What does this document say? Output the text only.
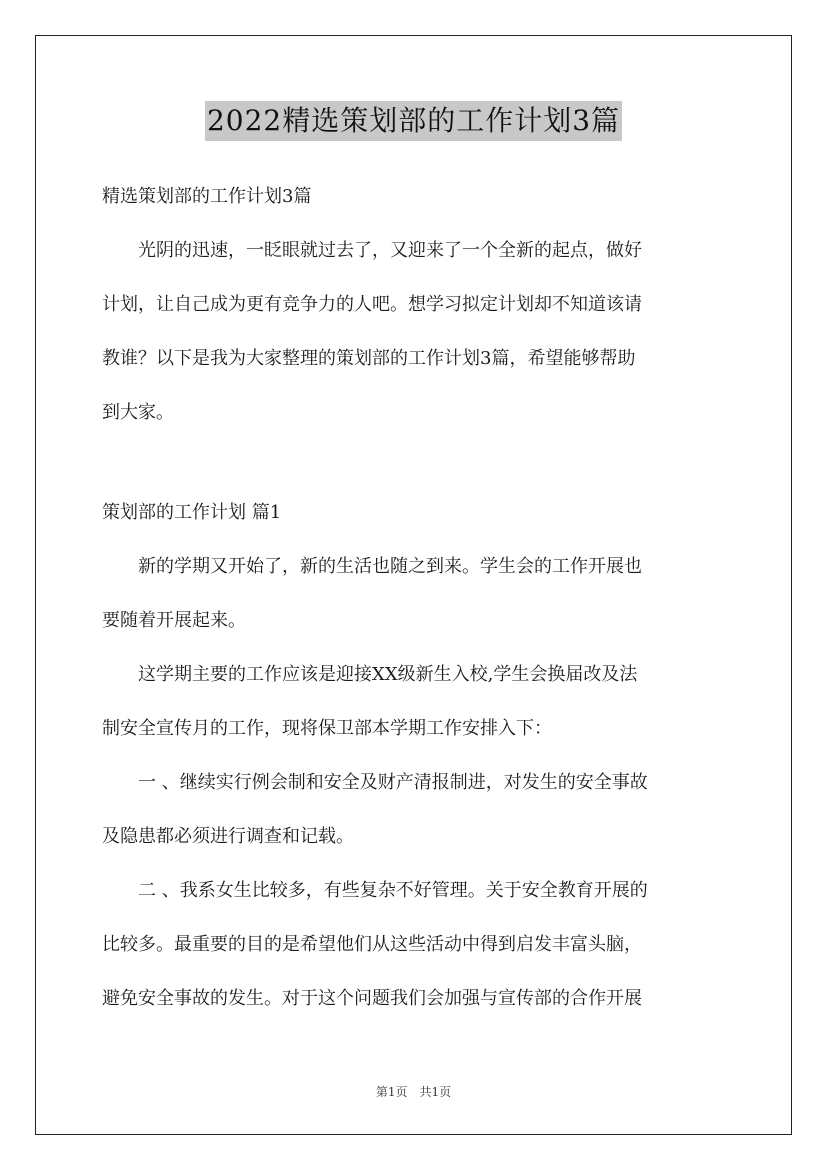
2022精选策划部的工作计划3篇
精选策划部的工作计划3篇
　　光阴的迅速，一眨眼就过去了，又迎来了一个全新的起点，做好
计划，让自己成为更有竞争力的人吧。想学习拟定计划却不知道该请
教谁？以下是我为大家整理的策划部的工作计划3篇，希望能够帮助
到大家。
策划部的工作计划 篇1
　　新的学期又开始了，新的生活也随之到来。学生会的工作开展也
要随着开展起来。
　　这学期主要的工作应该是迎接XX级新生入校,学生会换届改及法
制安全宣传月的工作，现将保卫部本学期工作安排入下：
　　一 、继续实行例会制和安全及财产清报制进，对发生的安全事故
及隐患都必须进行调查和记载。
　　二 、我系女生比较多，有些复杂不好管理。关于安全教育开展的
比较多。最重要的目的是希望他们从这些活动中得到启发丰富头脑，
避免安全事故的发生。对于这个问题我们会加强与宣传部的合作开展
第1页　共1页
